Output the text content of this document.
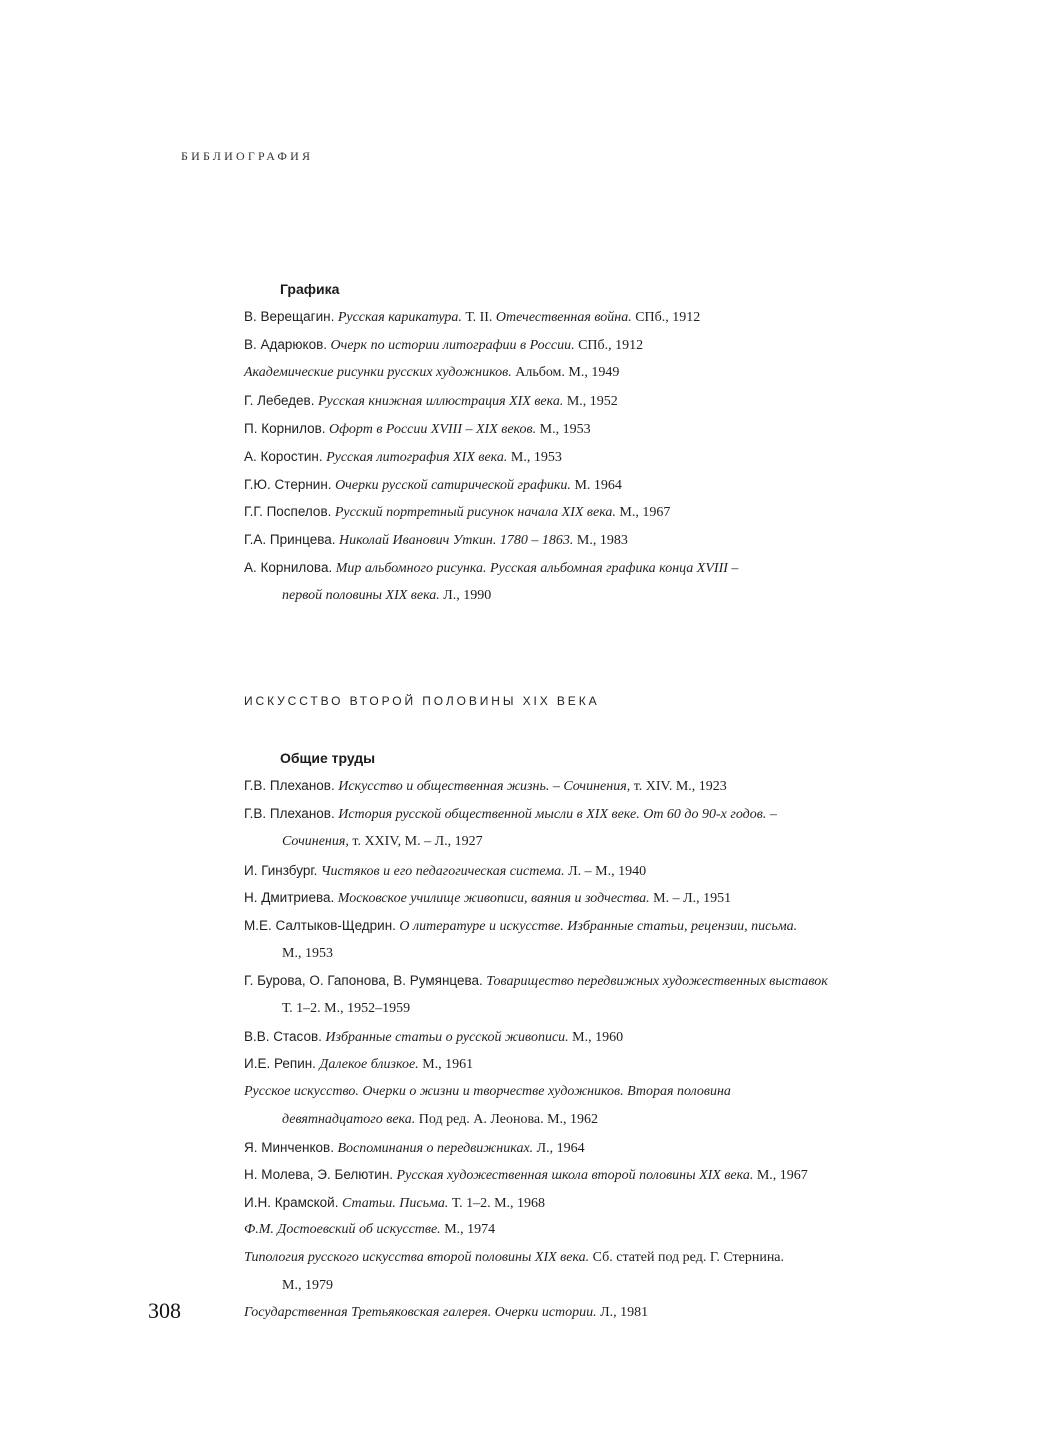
БИБЛИОГРАФИЯ
Графика
В. Верещагин. Русская карикатура. Т. II. Отечественная война. СПб., 1912
В. Адарюков. Очерк по истории литографии в России. СПб., 1912
Академические рисунки русских художников. Альбом. М., 1949
Г. Лебедев. Русская книжная иллюстрация XIX века. М., 1952
П. Корнилов. Офорт в России XVIII – XIX веков. М., 1953
А. Коростин. Русская литография XIX века. М., 1953
Г.Ю. Стернин. Очерки русской сатирической графики. М. 1964
Г.Г. Поспелов. Русский портретный рисунок начала XIX века. М., 1967
Г.А. Принцева. Николай Иванович Уткин. 1780 – 1863. М., 1983
А. Корнилова. Мир альбомного рисунка. Русская альбомная графика конца XVIII –
первой половины XIX века. Л., 1990
ИСКУССТВО ВТОРОЙ ПОЛОВИНЫ XIX ВЕКА
Общие труды
Г.В. Плеханов. Искусство и общественная жизнь. – Сочинения, т. XIV. М., 1923
Г.В. Плеханов. История русской общественной мысли в XIX веке. От 60 до 90-х годов. –
Сочинения, т. XXIV, М. – Л., 1927
И. Гинзбург. Чистяков и его педагогическая система. Л. – М., 1940
Н. Дмитриева. Московское училище живописи, ваяния и зодчества. М. – Л., 1951
М.Е. Салтыков-Щедрин. О литературе и искусстве. Избранные статьи, рецензии, письма.
М., 1953
Г. Бурова, О. Гапонова, В. Румянцева. Товарищество передвижных художественных выставок
Т. 1–2. М., 1952–1959
В.В. Стасов. Избранные статьи о русской живописи. М., 1960
И.Е. Репин. Далекое близкое. М., 1961
Русское искусство. Очерки о жизни и творчестве художников. Вторая половина
девятнадцатого века. Под ред. А. Леонова. М., 1962
Я. Минченков. Воспоминания о передвижниках. Л., 1964
Н. Молева, Э. Белютин. Русская художественная школа второй половины XIX века. М., 1967
И.Н. Крамской. Статьи. Письма. Т. 1–2. М., 1968
Ф.М. Достоевский об искусстве. М., 1974
Типология русского искусства второй половины XIX века. Сб. статей под ред. Г. Стернина.
М., 1979
Государственная Третьяковская галерея. Очерки истории. Л., 1981
308
